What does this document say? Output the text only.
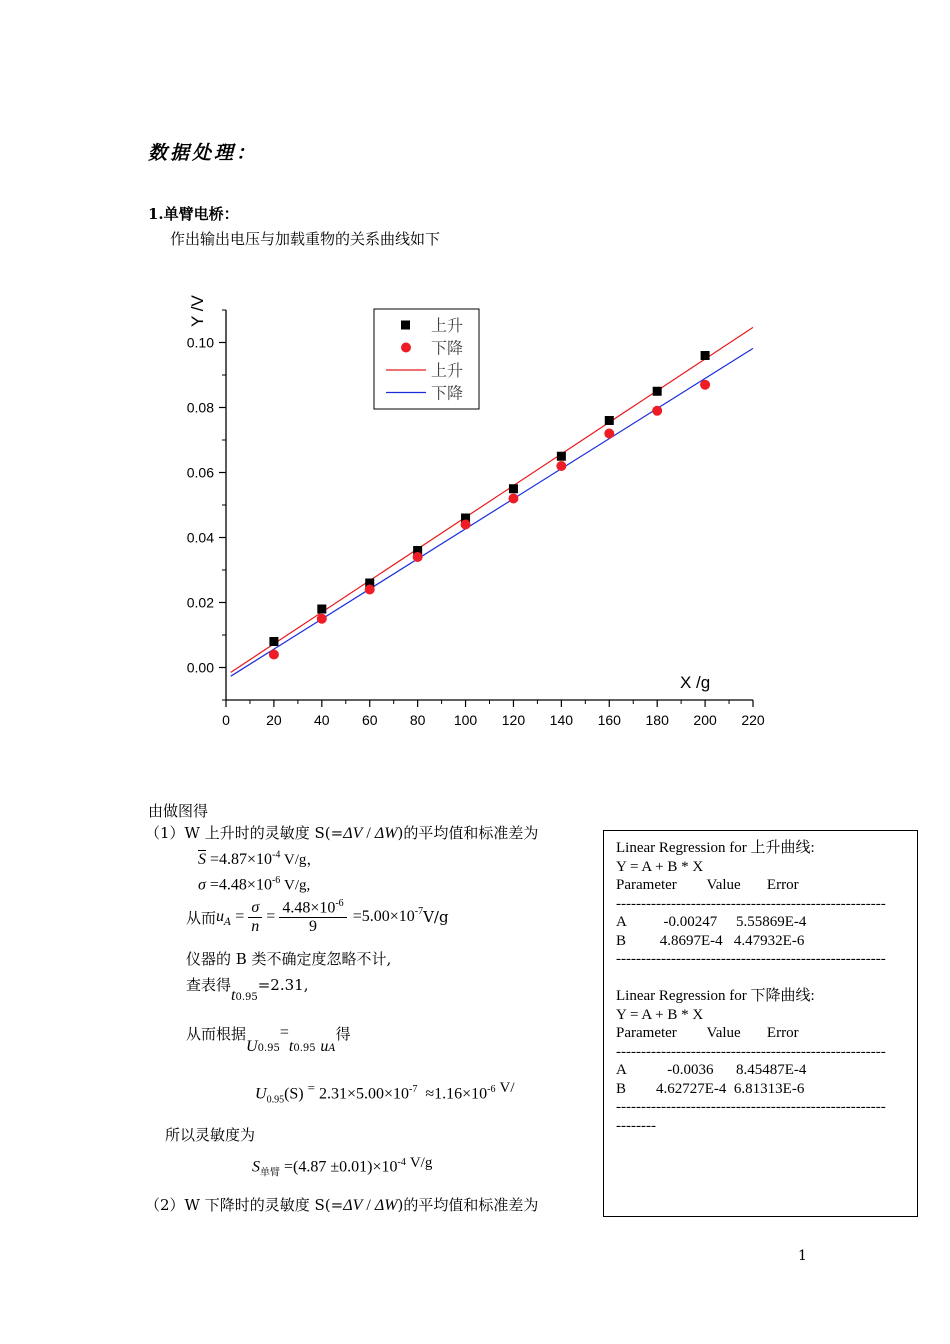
数据处理：
1.单臂电桥：
作出输出电压与加载重物的关系曲线如下
0	20 40 60 80 100 120 140 160 180 200 220
0.00
0.02
0.04
0.06
0.08
0.10
X /g
Y /V	上升
下降
上升
下降
由做图得
（1）W 上升时的灵敏度 S(=ΔV / ΔW)的平均值和标准差为
$\overline{S} =4.87\times 10^{-4}$ V/g，
$\sigma =4.48\times 10^{-6}$ V/g,
从而 $u_A = \frac{\sigma}{n} = \frac{4.48\times 10^{-6}}{9} =5.00\times 10^{-7}$ V/g
仪器的 B 类不确定度忽略不计,
查表得$t_{0.95}=2.31$,
从而根据$U_{0.95}=t_{0.95}$ $u_A$得
$U_{0.95}(S)$ = $2.31\times 5.00\times 10^{-7} \approx 1.16\times 10^{-6}$ V/
所以灵敏度为
$S_{单臂} =(4.87 \pm 0.01)\times 10^{-4}$ V/g
（2）W 下降时的灵敏度 S(=ΔV / ΔW)的平均值和标准差为
Linear Regression for 上升曲线:
Y = A + B * X
Parameter        Value       Error
------------------------------------------------------
A          -0.00247     5.55869E-4
B         4.8697E-4   4.47932E-6
------------------------------------------------------

Linear Regression for 下降曲线:
Y = A + B * X
Parameter        Value       Error
------------------------------------------------------
A           -0.0036      8.45487E-4
B        4.62727E-4  6.81313E-6
------------------------------------------------------
--------
1
